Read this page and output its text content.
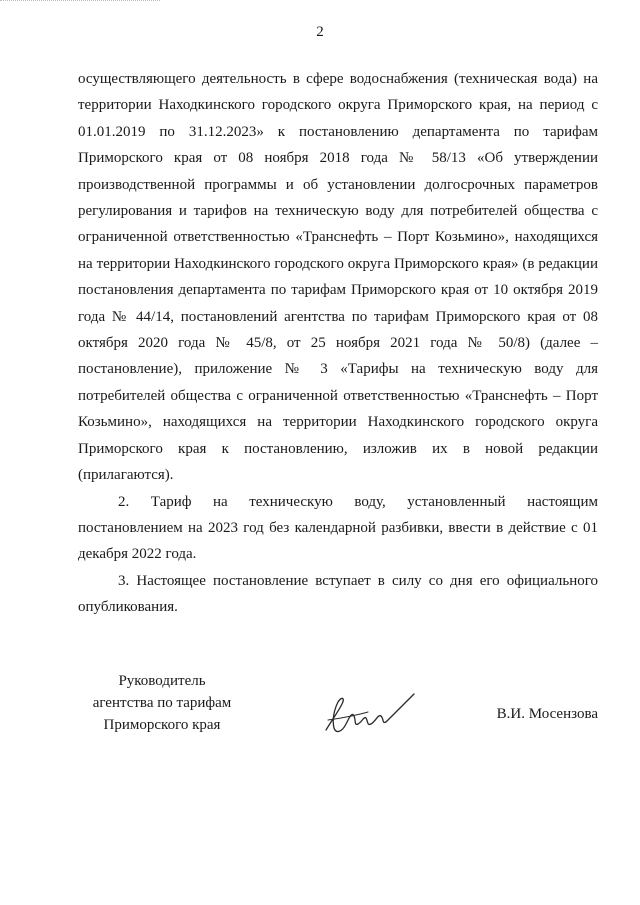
2

осуществляющего деятельность в сфере водоснабжения (техническая вода) на территории Находкинского городского округа Приморского края, на период с 01.01.2019 по 31.12.2023» к постановлению департамента по тарифам Приморского края от 08 ноября 2018 года № 58/13 «Об утверждении производственной программы и об установлении долгосрочных параметров регулирования и тарифов на техническую воду для потребителей общества с ограниченной ответственностью «Транснефть – Порт Козьмино», находящихся на территории Находкинского городского округа Приморского края» (в редакции постановления департамента по тарифам Приморского края от 10 октября 2019 года № 44/14, постановлений агентства по тарифам Приморского края от 08 октября 2020 года № 45/8, от 25 ноября 2021 года № 50/8) (далее – постановление), приложение № 3 «Тарифы на техническую воду для потребителей общества с ограниченной ответственностью «Транснефть – Порт Козьмино», находящихся на территории Находкинского городского округа Приморского края к постановлению, изложив их в новой редакции (прилагаются).

2. Тариф на техническую воду, установленный настоящим постановлением на 2023 год без календарной разбивки, ввести в действие с 01 декабря 2022 года.

3. Настоящее постановление вступает в силу со дня его официального опубликования.

Руководитель
агентства по тарифам
Приморского края
В.И. Мосензова
